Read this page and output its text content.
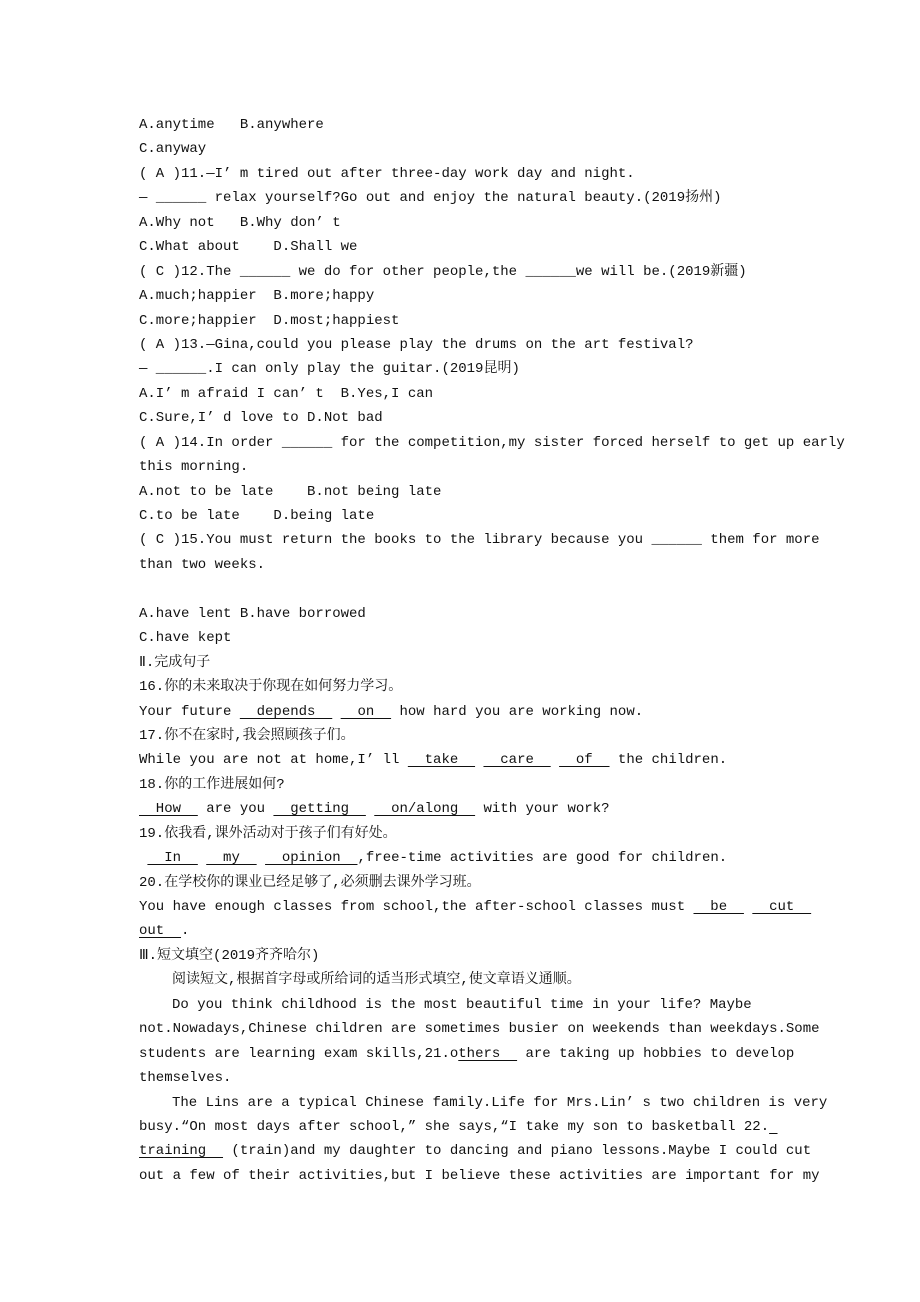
A.anytime   B.anywhere
C.anyway
( A )11.—I’ m tired out after three-day work day and night.
— ______ relax yourself?Go out and enjoy the natural beauty.(2019扬州)
A.Why not   B.Why don’ t
C.What about    D.Shall we
( C )12.The ______ we do for other people,the ______we will be.(2019新疆)
A.much;happier  B.more;happy
C.more;happier  D.most;happiest
( A )13.—Gina,could you please play the drums on the art festival?
— ______.I can only play the guitar.(2019昆明)
A.I’ m afraid I can’ t  B.Yes,I can
C.Sure,I’ d love to D.Not bad
( A )14.In order ______ for the competition,my sister forced herself to get up early
this morning.
A.not to be late    B.not being late
C.to be late    D.being late
( C )15.You must return the books to the library because you ______ them for more
than two weeks.
A.have lent B.have borrowed
C.have kept
Ⅱ.完成句子
16.你的未来取决于你现在如何努力学习。
Your future   depends     on   how hard you are working now.
17.你不在家时,我会照顾孩子们。
While you are not at home,I’ ll   take     care     of   the children.
18.你的工作进展如何?
How   are you   getting     on/along   with your work?
19.依我看,课外活动对于孩子们有好处。
In     my     opinion  ,free-time activities are good for children.
20.在学校你的课业已经足够了,必须删去课外学习班。
You have enough classes from school,the after-school classes must   be     cut
out  .
Ⅲ.短文填空(2019齐齐哈尔)
阅读短文,根据首字母或所给词的适当形式填空,使文章语义通顺。
Do you think childhood is the most beautiful time in your life? Maybe
not.Nowadays,Chinese children are sometimes busier on weekends than weekdays.Some
students are learning exam skills,21.others   are taking up hobbies to develop
themselves.
The Lins are a typical Chinese family.Life for Mrs.Lin’ s two children is very
busy.“On most days after school,” she says,“I take my son to basketball 22.
training   (train)and my daughter to dancing and piano lessons.Maybe I could cut
out a few of their activities,but I believe these activities are important for my
